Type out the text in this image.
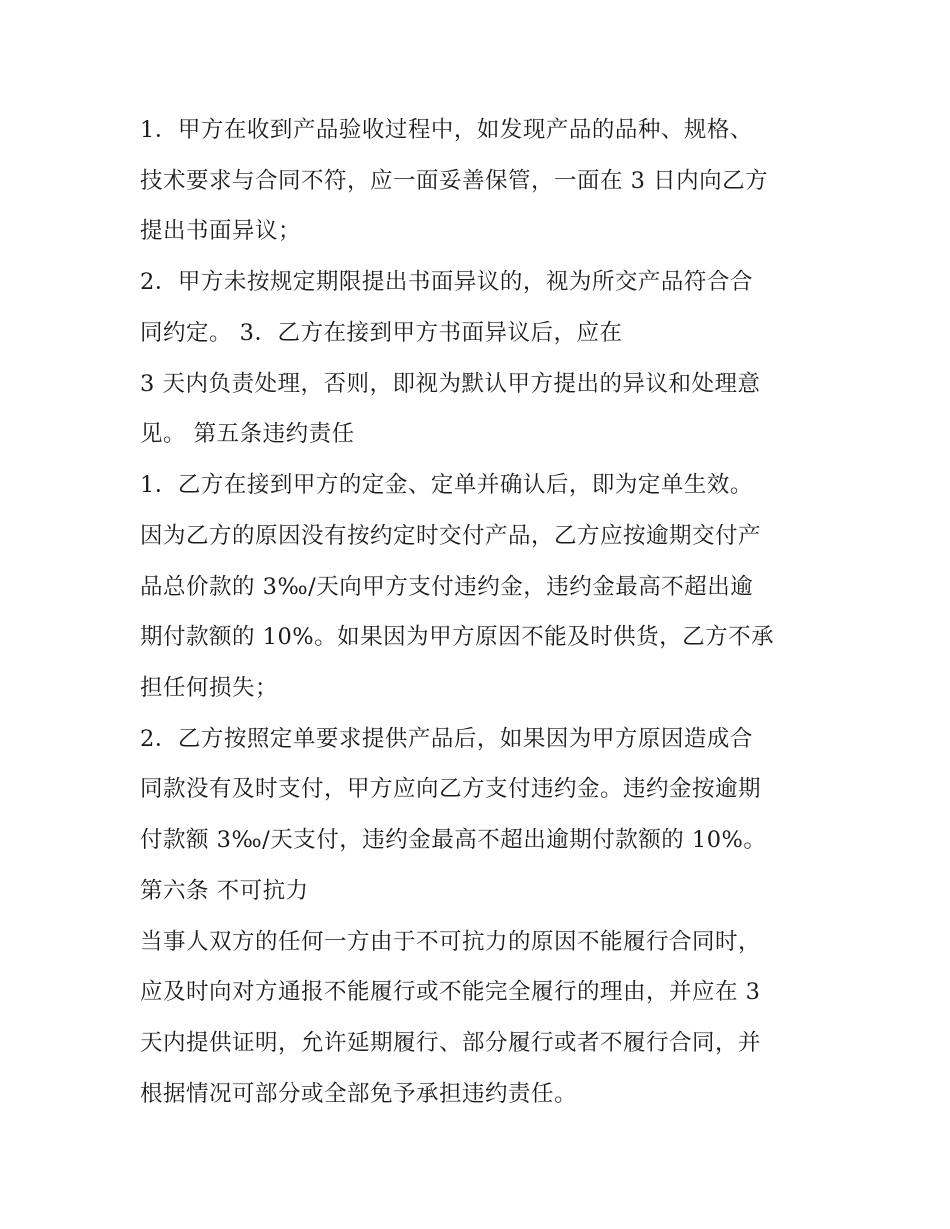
1．甲方在收到产品验收过程中，如发现产品的品种、规格、
技术要求与合同不符，应一面妥善保管，一面在 3 日内向乙方
提出书面异议；
2．甲方未按规定期限提出书面异议的，视为所交产品符合合
同约定。 3．乙方在接到甲方书面异议后，应在
3 天内负责处理，否则，即视为默认甲方提出的异议和处理意
见。 第五条违约责任
1．乙方在接到甲方的定金、定单并确认后，即为定单生效。
因为乙方的原因没有按约定时交付产品，乙方应按逾期交付产
品总价款的 3‰/天向甲方支付违约金，违约金最高不超出逾
期付款额的 10%。如果因为甲方原因不能及时供货，乙方不承
担任何损失；
2．乙方按照定单要求提供产品后，如果因为甲方原因造成合
同款没有及时支付，甲方应向乙方支付违约金。违约金按逾期
付款额 3‰/天支付，违约金最高不超出逾期付款额的 10%。
第六条 不可抗力
当事人双方的任何一方由于不可抗力的原因不能履行合同时，
应及时向对方通报不能履行或不能完全履行的理由，并应在 3
天内提供证明，允许延期履行、部分履行或者不履行合同，并
根据情况可部分或全部免予承担违约责任。
